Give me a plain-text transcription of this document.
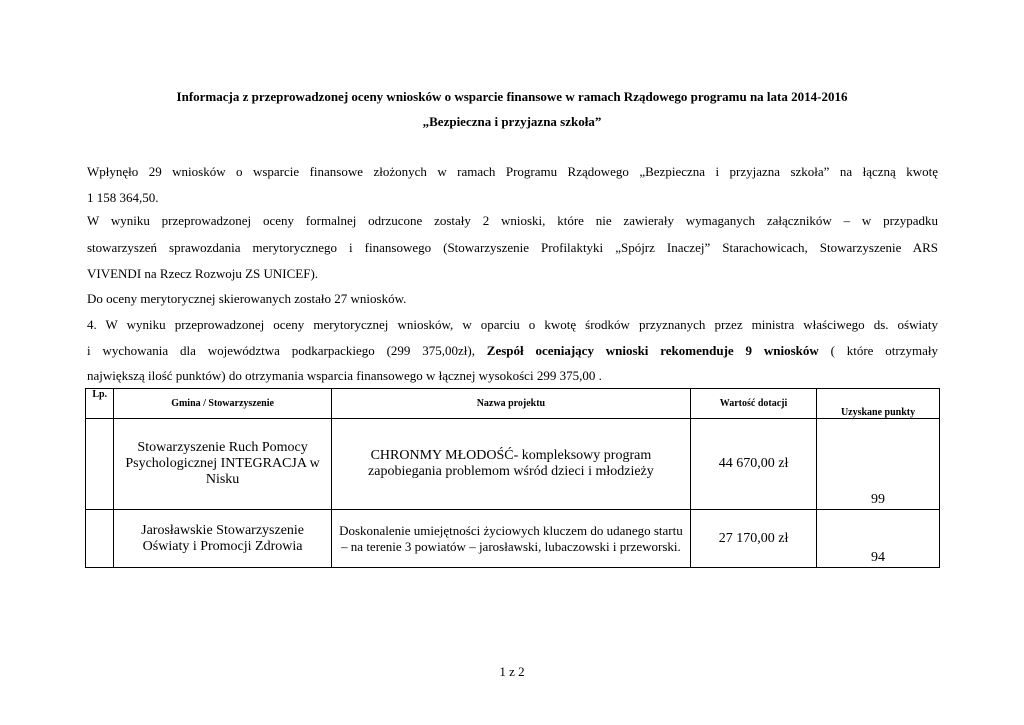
Informacja z przeprowadzonej oceny wniosków o wsparcie finansowe w ramach Rządowego programu na lata 2014-2016
„Bezpieczna i przyjazna szkoła”
Wpłynęło 29 wniosków o wsparcie finansowe złożonych w ramach Programu Rządowego „Bezpieczna i przyjazna szkoła” na łączną kwotę
1 158 364,50.
W wyniku przeprowadzonej oceny formalnej odrzucone zostały 2 wnioski, które nie zawierały wymaganych załączników – w przypadku
stowarzyszeń sprawozdania merytorycznego i finansowego (Stowarzyszenie Profilaktyki „Spójrz Inaczej” Starachowicach, Stowarzyszenie ARS
VIVENDI na Rzecz Rozwoju ZS UNICEF).
Do oceny merytorycznej skierowanych zostało 27 wniosków.
4. W wyniku przeprowadzonej oceny merytorycznej wniosków, w oparciu o kwotę środków przyznanych przez ministra właściwego ds. oświaty
i wychowania dla województwa podkarpackiego (299 375,00zł), Zespół oceniający wnioski rekomenduje 9 wniosków ( które otrzymały
największą ilość punktów) do otrzymania wsparcia finansowego w łącznej wysokości 299 375,00 .
Lp.	Gmina / Stowarzyszenie	Nazwa projektu	Wartość dotacji	Uzyskane punkty
	Stowarzyszenie Ruch Pomocy Psychologicznej INTEGRACJA w Nisku	CHRONMY MŁODOŚĆ- kompleksowy program zapobiegania problemom wśród dzieci i młodzieży	44 670,00 zł	99
	Jarosławskie Stowarzyszenie Oświaty i Promocji Zdrowia	Doskonalenie umiejętności życiowych kluczem do udanego startu – na terenie 3 powiatów – jarosławski, lubaczowski i przeworski.	27 170,00 zł	94
1 z 2
